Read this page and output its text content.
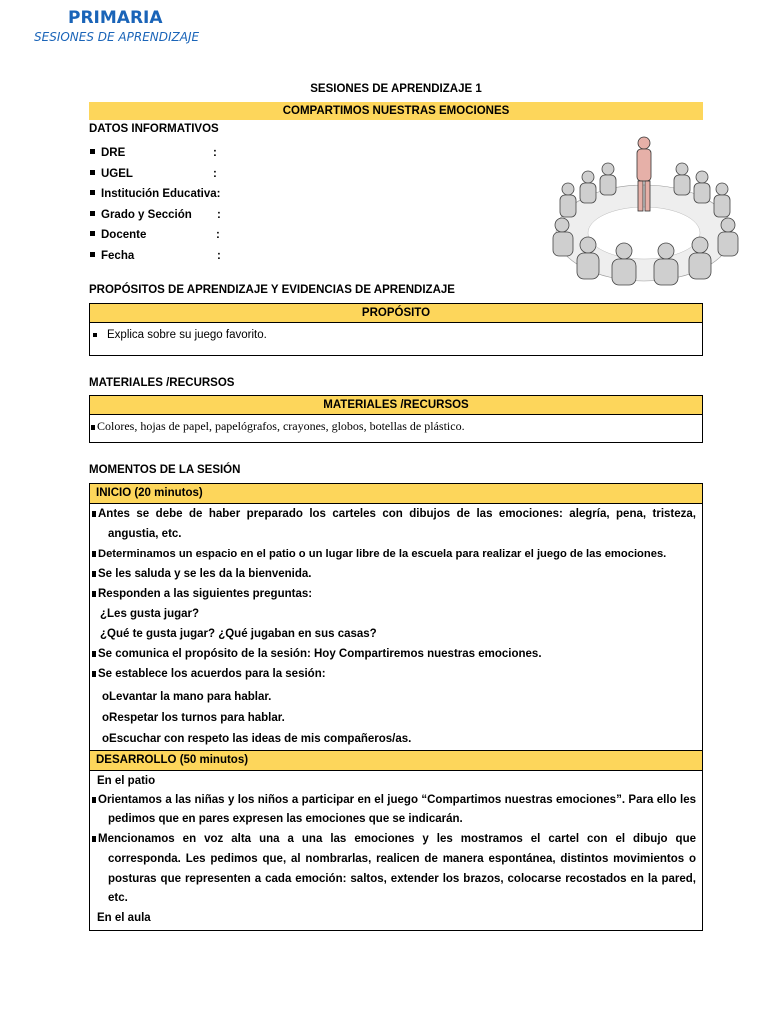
PRIMARIA
SESIONES DE APRENDIZAJE
SESIONES DE APRENDIZAJE 1
COMPARTIMOS NUESTRAS EMOCIONES
DATOS INFORMATIVOS
DRE	:
UGEL	:
Institución Educativa:
Grado y Sección :
Docente	:
Fecha	:
PROPÓSITOS DE APRENDIZAJE Y EVIDENCIAS DE APRENDIZAJE
PROPÓSITO
Explica sobre su juego favorito.
MATERIALES /RECURSOS
MATERIALES /RECURSOS
Colores, hojas de papel, papelógrafos, crayones, globos, botellas de plástico.
MOMENTOS DE LA SESIÓN
INICIO (20 minutos)
Antes se debe de haber preparado los carteles con dibujos de las emociones: alegría, pena, tristeza,
angustia, etc.
Determinamos un espacio en el patio o un lugar libre de la escuela para realizar el juego de las emociones.
Se les saluda y se les da la bienvenida.
Responden a las siguientes preguntas:
¿Les gusta jugar?
¿Qué te gusta jugar? ¿Qué jugaban en sus casas?
Se comunica el propósito de la sesión: Hoy Compartiremos nuestras emociones.
Se establece los acuerdos para la sesión:
oLevantar la mano para hablar.
oRespetar los turnos para hablar.
oEscuchar con respeto las ideas de mis compañeros/as.
DESARROLLO (50 minutos)
En el patio
Orientamos a las niñas y los niños a participar en el juego “Compartimos nuestras emociones”. Para ello les
pedimos que en pares expresen las emociones que se indicarán.
Mencionamos en voz alta una a una las emociones y les mostramos el cartel con el dibujo que
corresponda. Les pedimos que, al nombrarlas, realicen de manera espontánea, distintos movimientos o
posturas que representen a cada emoción: saltos, extender los brazos, colocarse recostados en la pared,
etc.
En el aula
